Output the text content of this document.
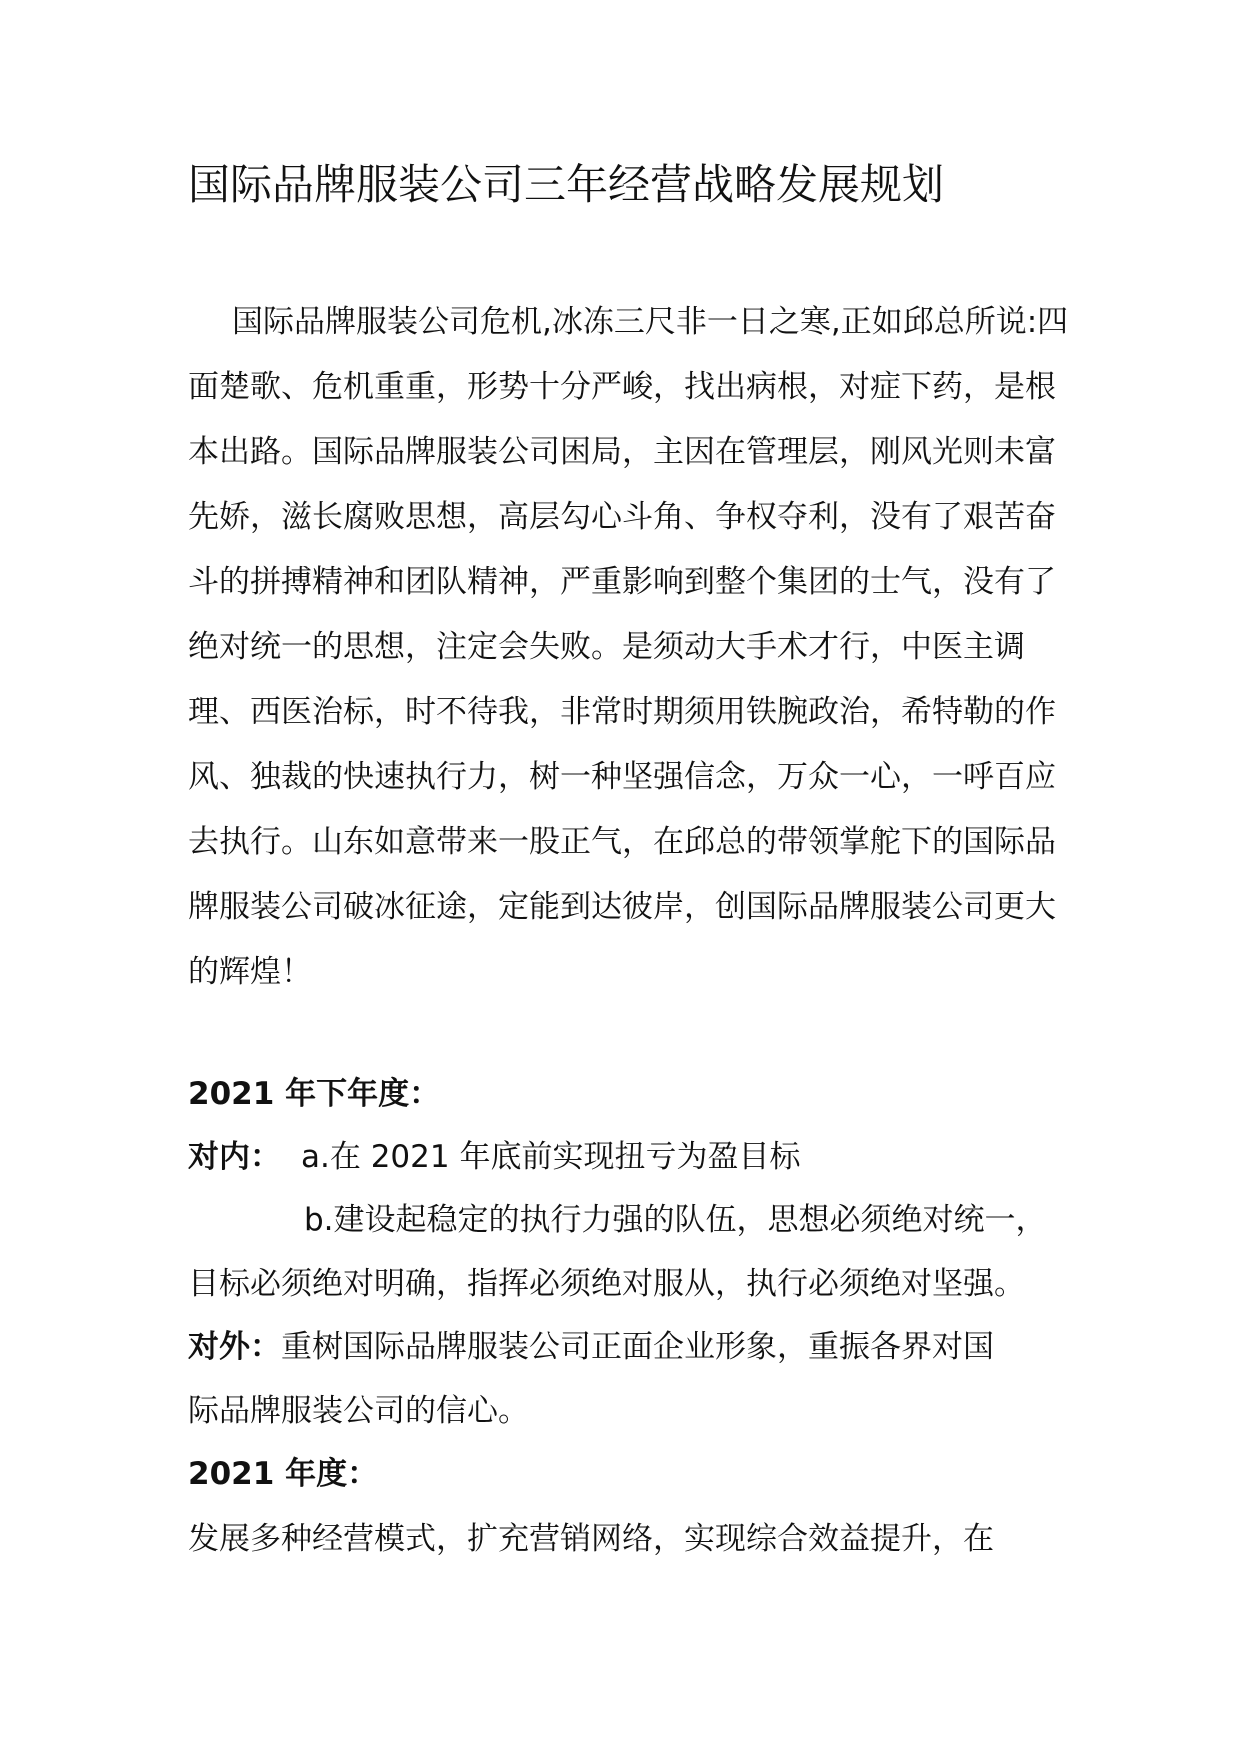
国际品牌服装公司三年经营战略发展规划
国际品牌服装公司危机,冰冻三尺非一日之寒,正如邱总所说:四面楚歌、危机重重，形势十分严峻，找出病根，对症下药，是根本出路。国际品牌服装公司困局，主因在管理层，刚风光则未富先娇，滋长腐败思想，高层勾心斗角、争权夺利，没有了艰苦奋斗的拼搏精神和团队精神，严重影响到整个集团的士气，没有了绝对统一的思想，注定会失败。是须动大手术才行，中医主调理、西医治标，时不待我，非常时期须用铁腕政治，希特勒的作风、独裁的快速执行力，树一种坚强信念，万众一心，一呼百应去执行。山东如意带来一股正气，在邱总的带领掌舵下的国际品牌服装公司破冰征途，定能到达彼岸，创国际品牌服装公司更大的辉煌！
2021 年下年度：
对内： a.在 2021 年底前实现扭亏为盈目标
b.建设起稳定的执行力强的队伍，思想必须绝对统一，
目标必须绝对明确，指挥必须绝对服从，执行必须绝对坚强。
对外：重树国际品牌服装公司正面企业形象，重振各界对国
际品牌服装公司的信心。
2021 年度：
发展多种经营模式，扩充营销网络，实现综合效益提升，在
